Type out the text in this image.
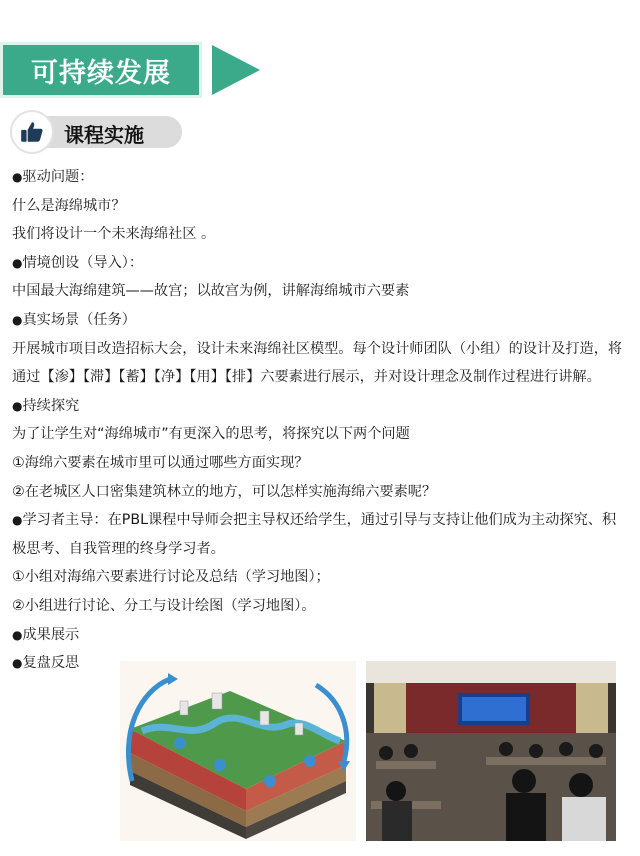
可持续发展
课程实施
● 驱动问题：
什么是海绵城市？
我们将设计一个未来海绵社区 。
● 情境创设（导入）：
中国最大海绵建筑——故宫；以故宫为例，讲解海绵城市六要素
● 真实场景（任务）
开展城市项目改造招标大会，设计未来海绵社区模型。每个设计师团队（小组）的设计及打造，将通过【渗】【滞】【蓄】【净】【用】【排】六要素进行展示，并对设计理念及制作过程进行讲解。
● 持续探究
为了让学生对“海绵城市”有更深入的思考，将探究以下两个问题
①海绵六要素在城市里可以通过哪些方面实现？
②在老城区人口密集建筑林立的地方，可以怎样实施海绵六要素呢？
● 学习者主导：在PBL课程中导师会把主导权还给学生，通过引导与支持让他们成为主动探究、积极思考、自我管理的终身学习者。
①小组对海绵六要素进行讨论及总结（学习地图）；
②小组进行讨论、分工与设计绘图（学习地图）。
● 成果展示
● 复盘反思
